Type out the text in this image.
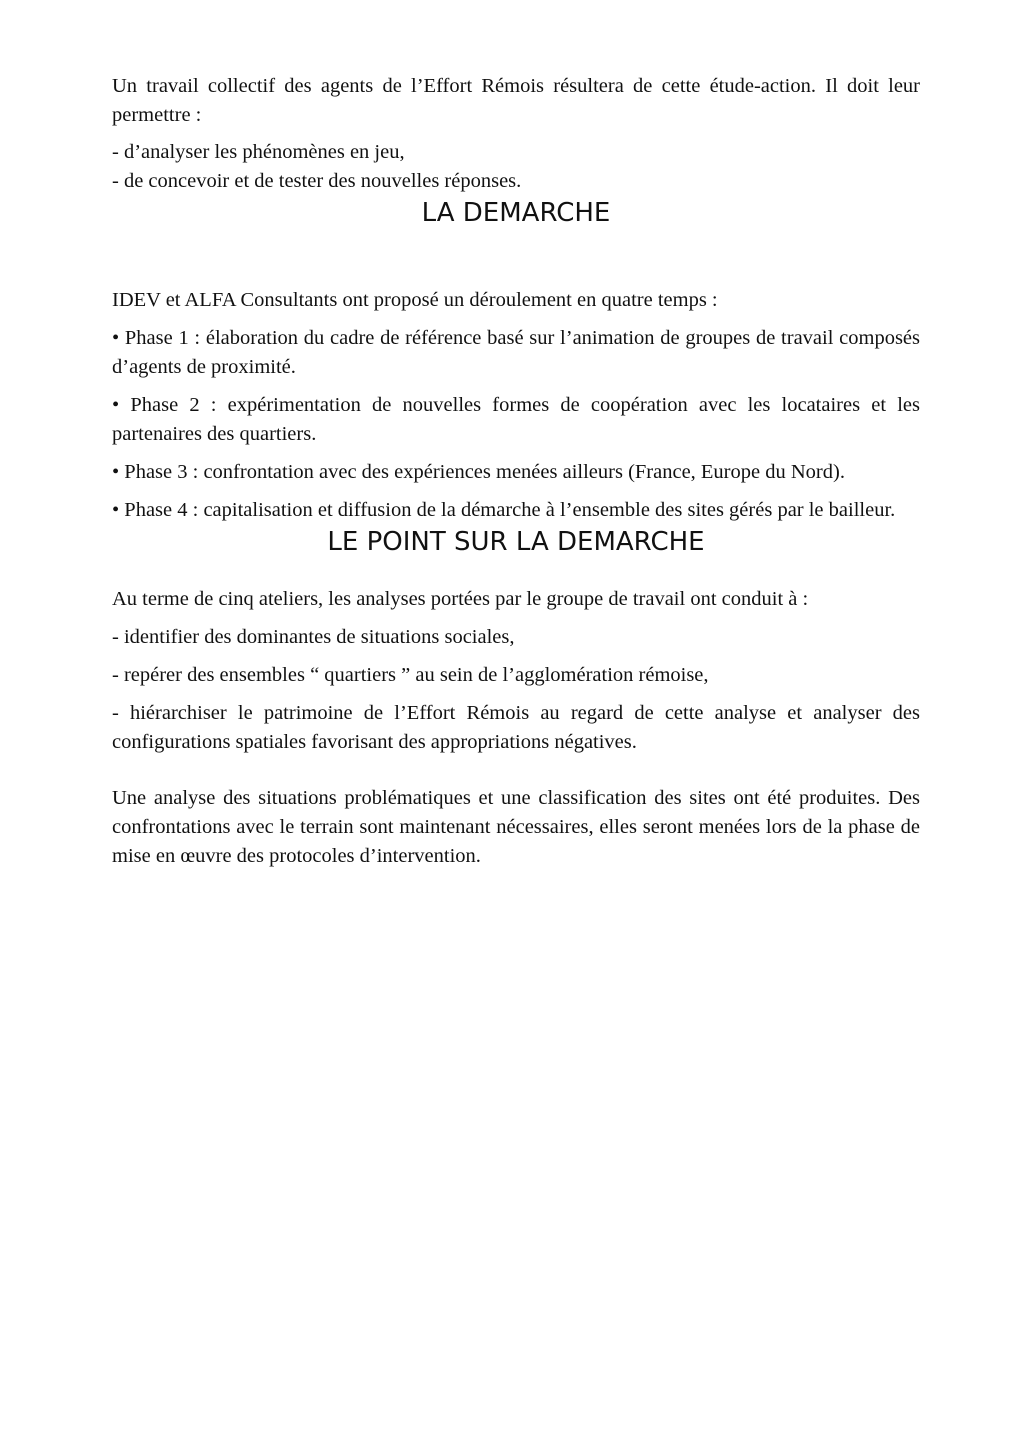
Un travail collectif des agents de l’Effort Rémois résultera de cette étude-action. Il doit leur permettre :

- d’analyser les phénomènes en jeu,
- de concevoir et de tester des nouvelles réponses.

LA DEMARCHE

IDEV et ALFA Consultants ont proposé un déroulement en quatre temps :

• Phase 1 : élaboration du cadre de référence basé sur l’animation de groupes de travail composés d’agents de proximité.

• Phase 2 : expérimentation de nouvelles formes de coopération avec les locataires et les partenaires des quartiers.

• Phase 3 : confrontation avec des expériences menées ailleurs (France, Europe du Nord).

• Phase 4 : capitalisation et diffusion de la démarche à l’ensemble des sites gérés par le bailleur.

LE POINT SUR LA DEMARCHE

Au terme de cinq ateliers, les analyses portées par le groupe de travail ont conduit à :

- identifier des dominantes de situations sociales,

- repérer des ensembles “ quartiers ” au sein de l’agglomération rémoise,

- hiérarchiser le patrimoine de l’Effort Rémois au regard de cette analyse et analyser des configurations spatiales favorisant des appropriations négatives.

Une analyse des situations problématiques et une classification des sites ont été produites. Des confrontations avec le terrain sont maintenant nécessaires, elles seront menées lors de la phase de mise en œuvre des protocoles d’intervention.
